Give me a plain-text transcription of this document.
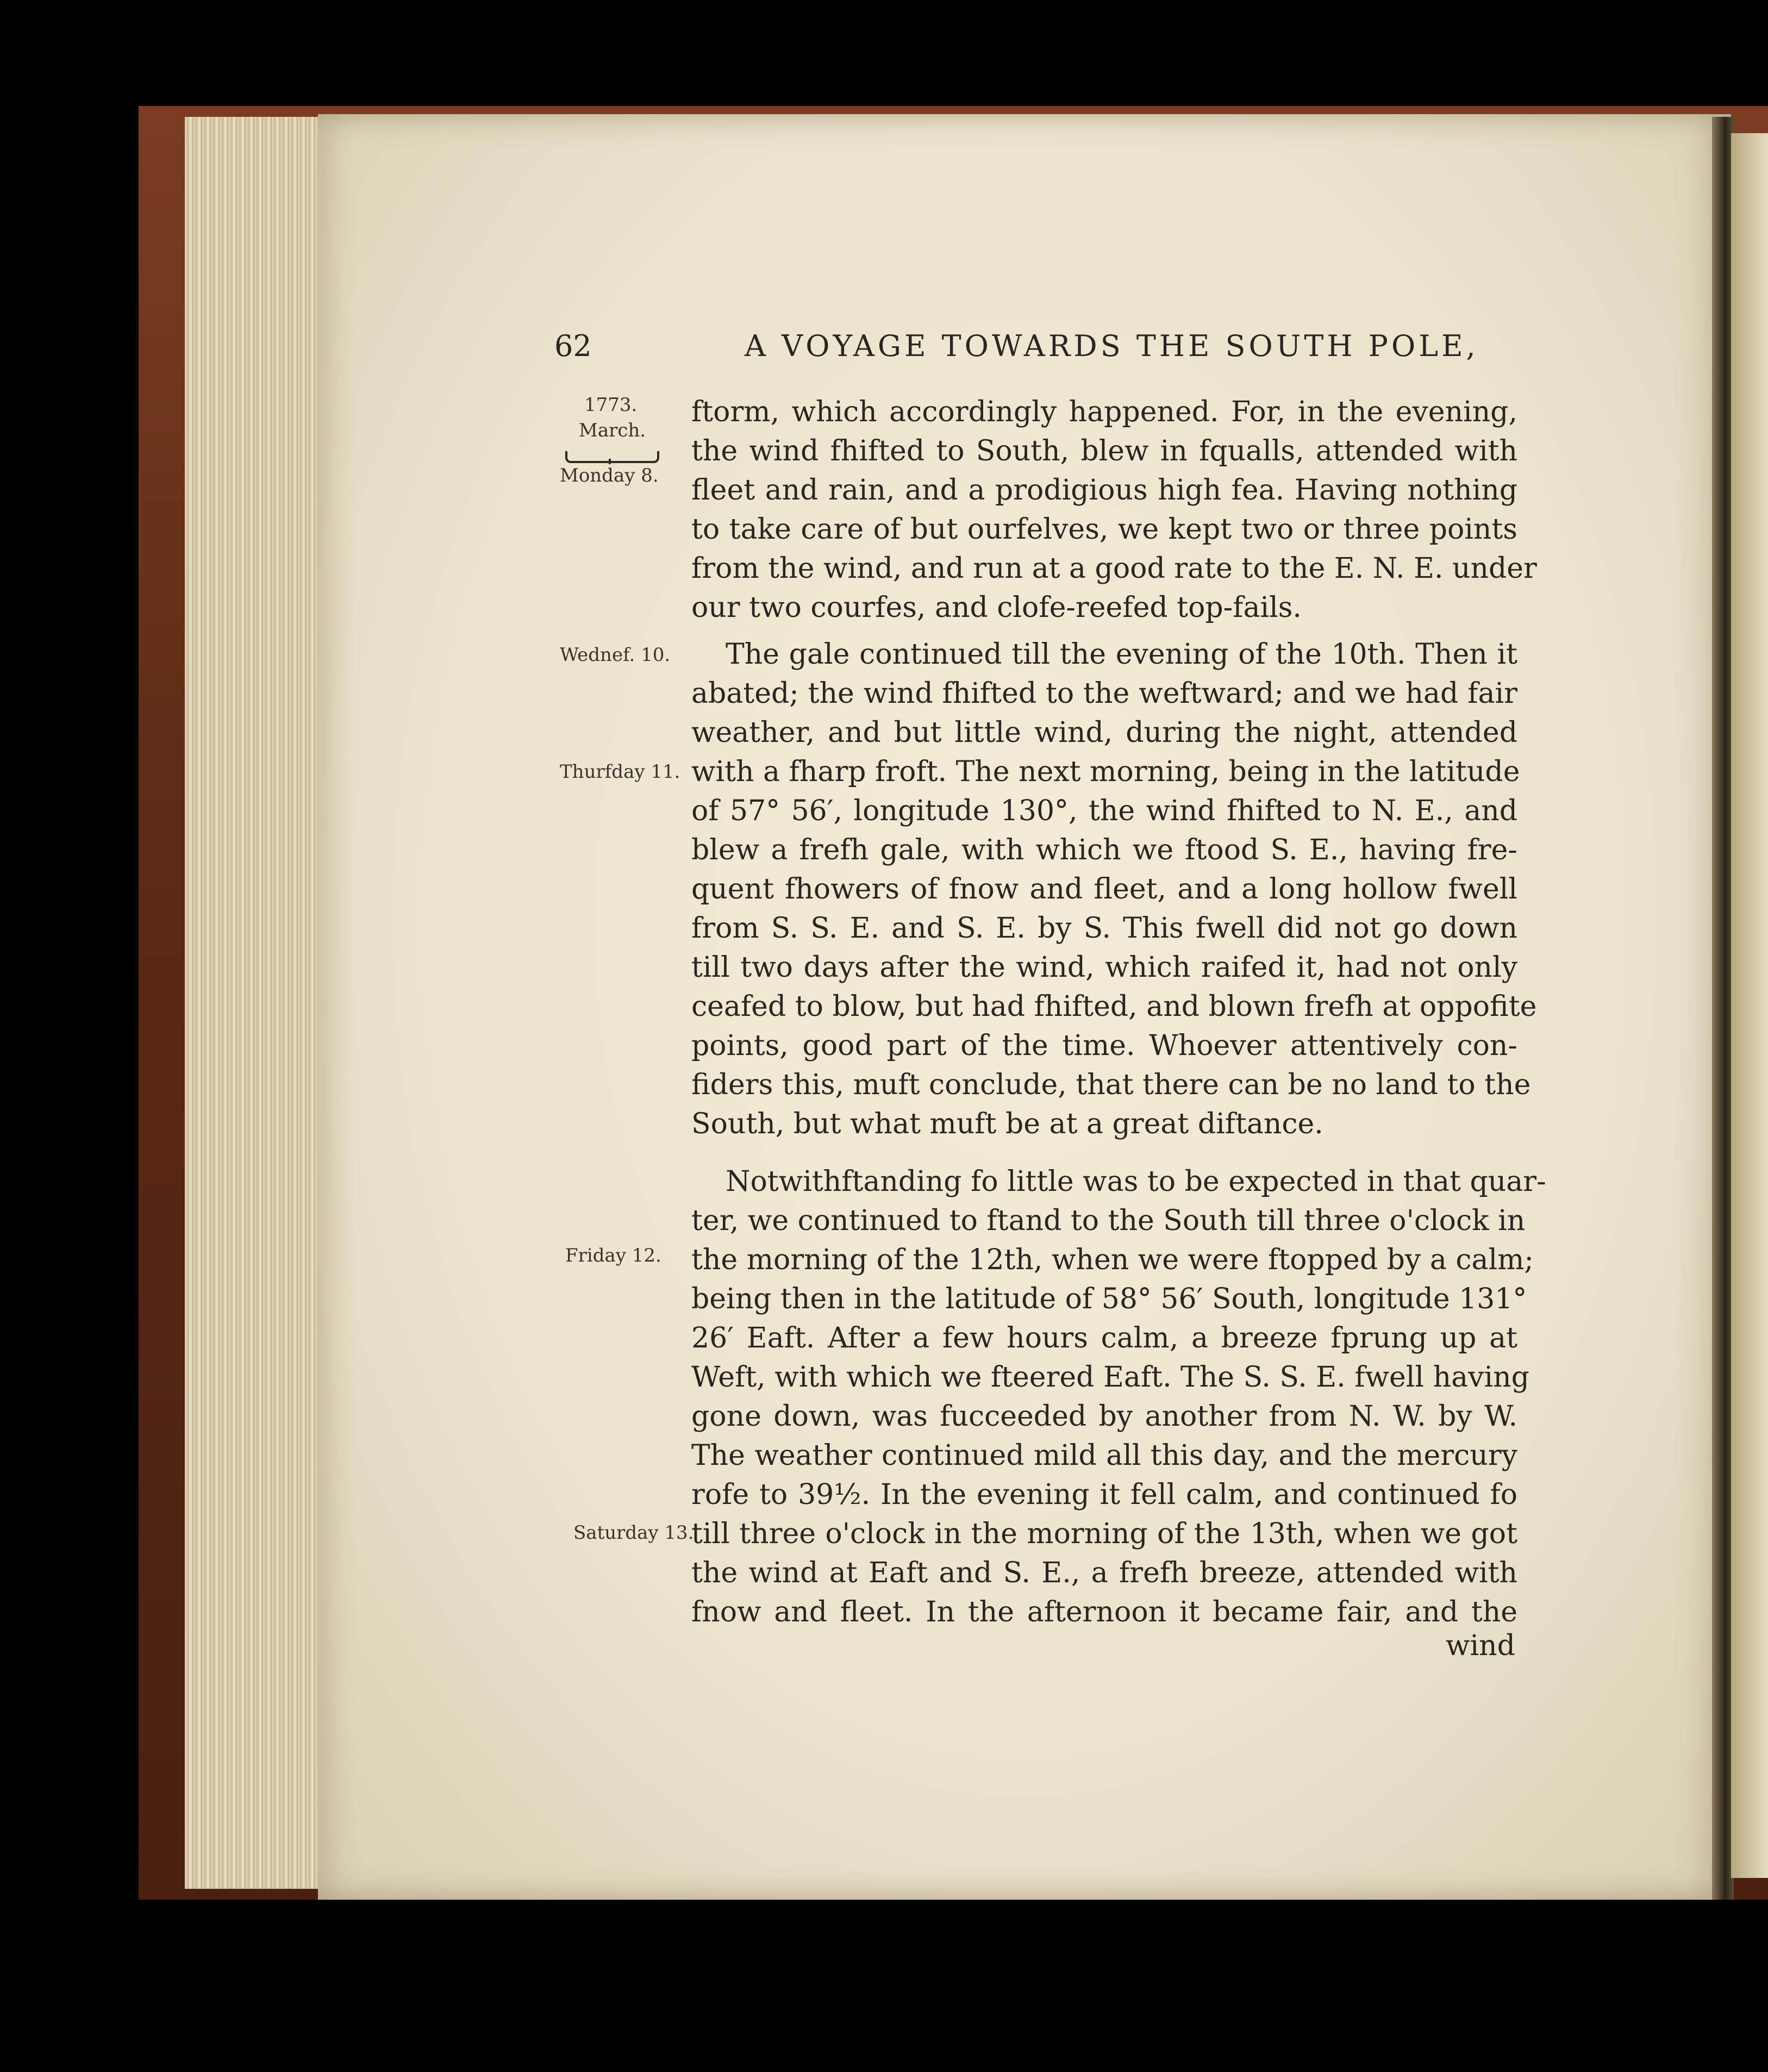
62	A VOYAGE TOWARDS THE SOUTH POLE,
1773.
March.
Monday 8.
Wednef. 10.
Thurfday 11.
Friday 12.
Saturday 13.
ftorm, which accordingly happened. For, in the evening,
the wind fhifted to South, blew in fqualls, attended with
fleet and rain, and a prodigious high fea. Having nothing
to take care of but ourfelves, we kept two or three points
from the wind, and run at a good rate to the E. N. E. under
our two courfes, and clofe-reefed top-fails.
The gale continued till the evening of the 10th. Then it
abated; the wind fhifted to the weftward; and we had fair
weather, and but little wind, during the night, attended
with a fharp froft. The next morning, being in the latitude
of 57° 56′, longitude 130°, the wind fhifted to N. E., and
blew a frefh gale, with which we ftood S. E., having fre-
quent fhowers of fnow and fleet, and a long hollow fwell
from S. S. E. and S. E. by S. This fwell did not go down
till two days after the wind, which raifed it, had not only
ceafed to blow, but had fhifted, and blown frefh at oppofite
points, good part of the time. Whoever attentively con-
fiders this, muft conclude, that there can be no land to the
South, but what muft be at a great diftance.
Notwithftanding fo little was to be expected in that quar-
ter, we continued to ftand to the South till three o'clock in
the morning of the 12th, when we were ftopped by a calm;
being then in the latitude of 58° 56′ South, longitude 131°
26′ Eaft. After a few hours calm, a breeze fprung up at
Weft, with which we fteered Eaft. The S. S. E. fwell having
gone down, was fucceeded by another from N. W. by W.
The weather continued mild all this day, and the mercury
rofe to 39½. In the evening it fell calm, and continued fo
till three o'clock in the morning of the 13th, when we got
the wind at Eaft and S. E., a frefh breeze, attended with
fnow and fleet. In the afternoon it became fair, and the
wind
